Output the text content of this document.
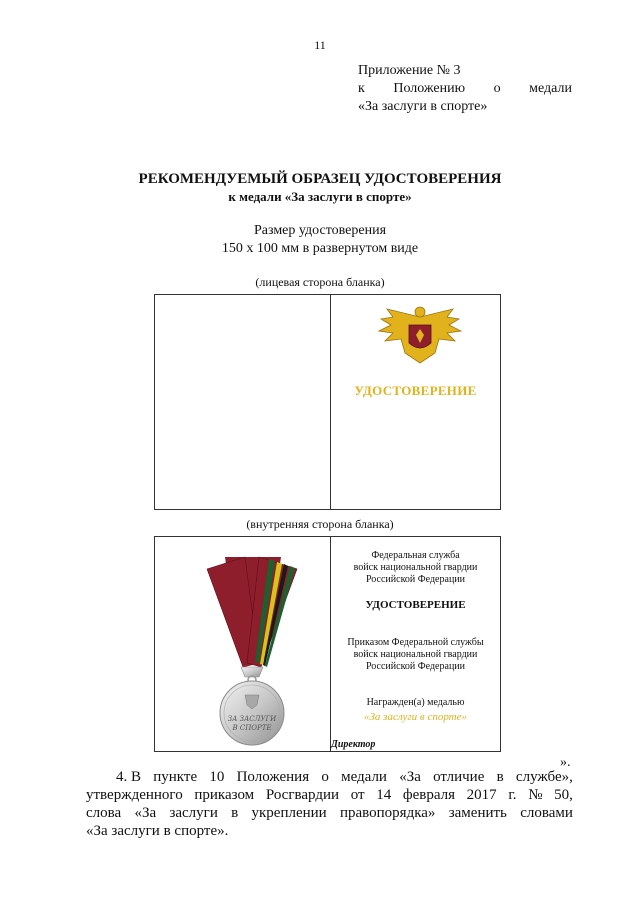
11
Приложение № 3
к Положению о медали
«За заслуги в спорте»
РЕКОМЕНДУЕМЫЙ ОБРАЗЕЦ УДОСТОВЕРЕНИЯ
к медали «За заслуги в спорте»
Размер удостоверения
150 х 100 мм в развернутом виде
(лицевая сторона бланка)
УДОСТОВЕРЕНИЕ
(внутренняя сторона бланка)
ЗА ЗАСЛУГИ
В СПОРТЕ
Федеральная служба
войск национальной гвардии
Российской Федерации
УДОСТОВЕРЕНИЕ
Приказом Федеральной службы
войск национальной гвардии
Российской Федерации
Награжден(а) медалью
«За заслуги в спорте»
Директор
».
4. В пункте 10 Положения о медали «За отличие в службе»,
утвержденного приказом Росгвардии от 14 февраля 2017 г. № 50,
слова «За заслуги в укреплении правопорядка» заменить словами
«За заслуги в спорте».
